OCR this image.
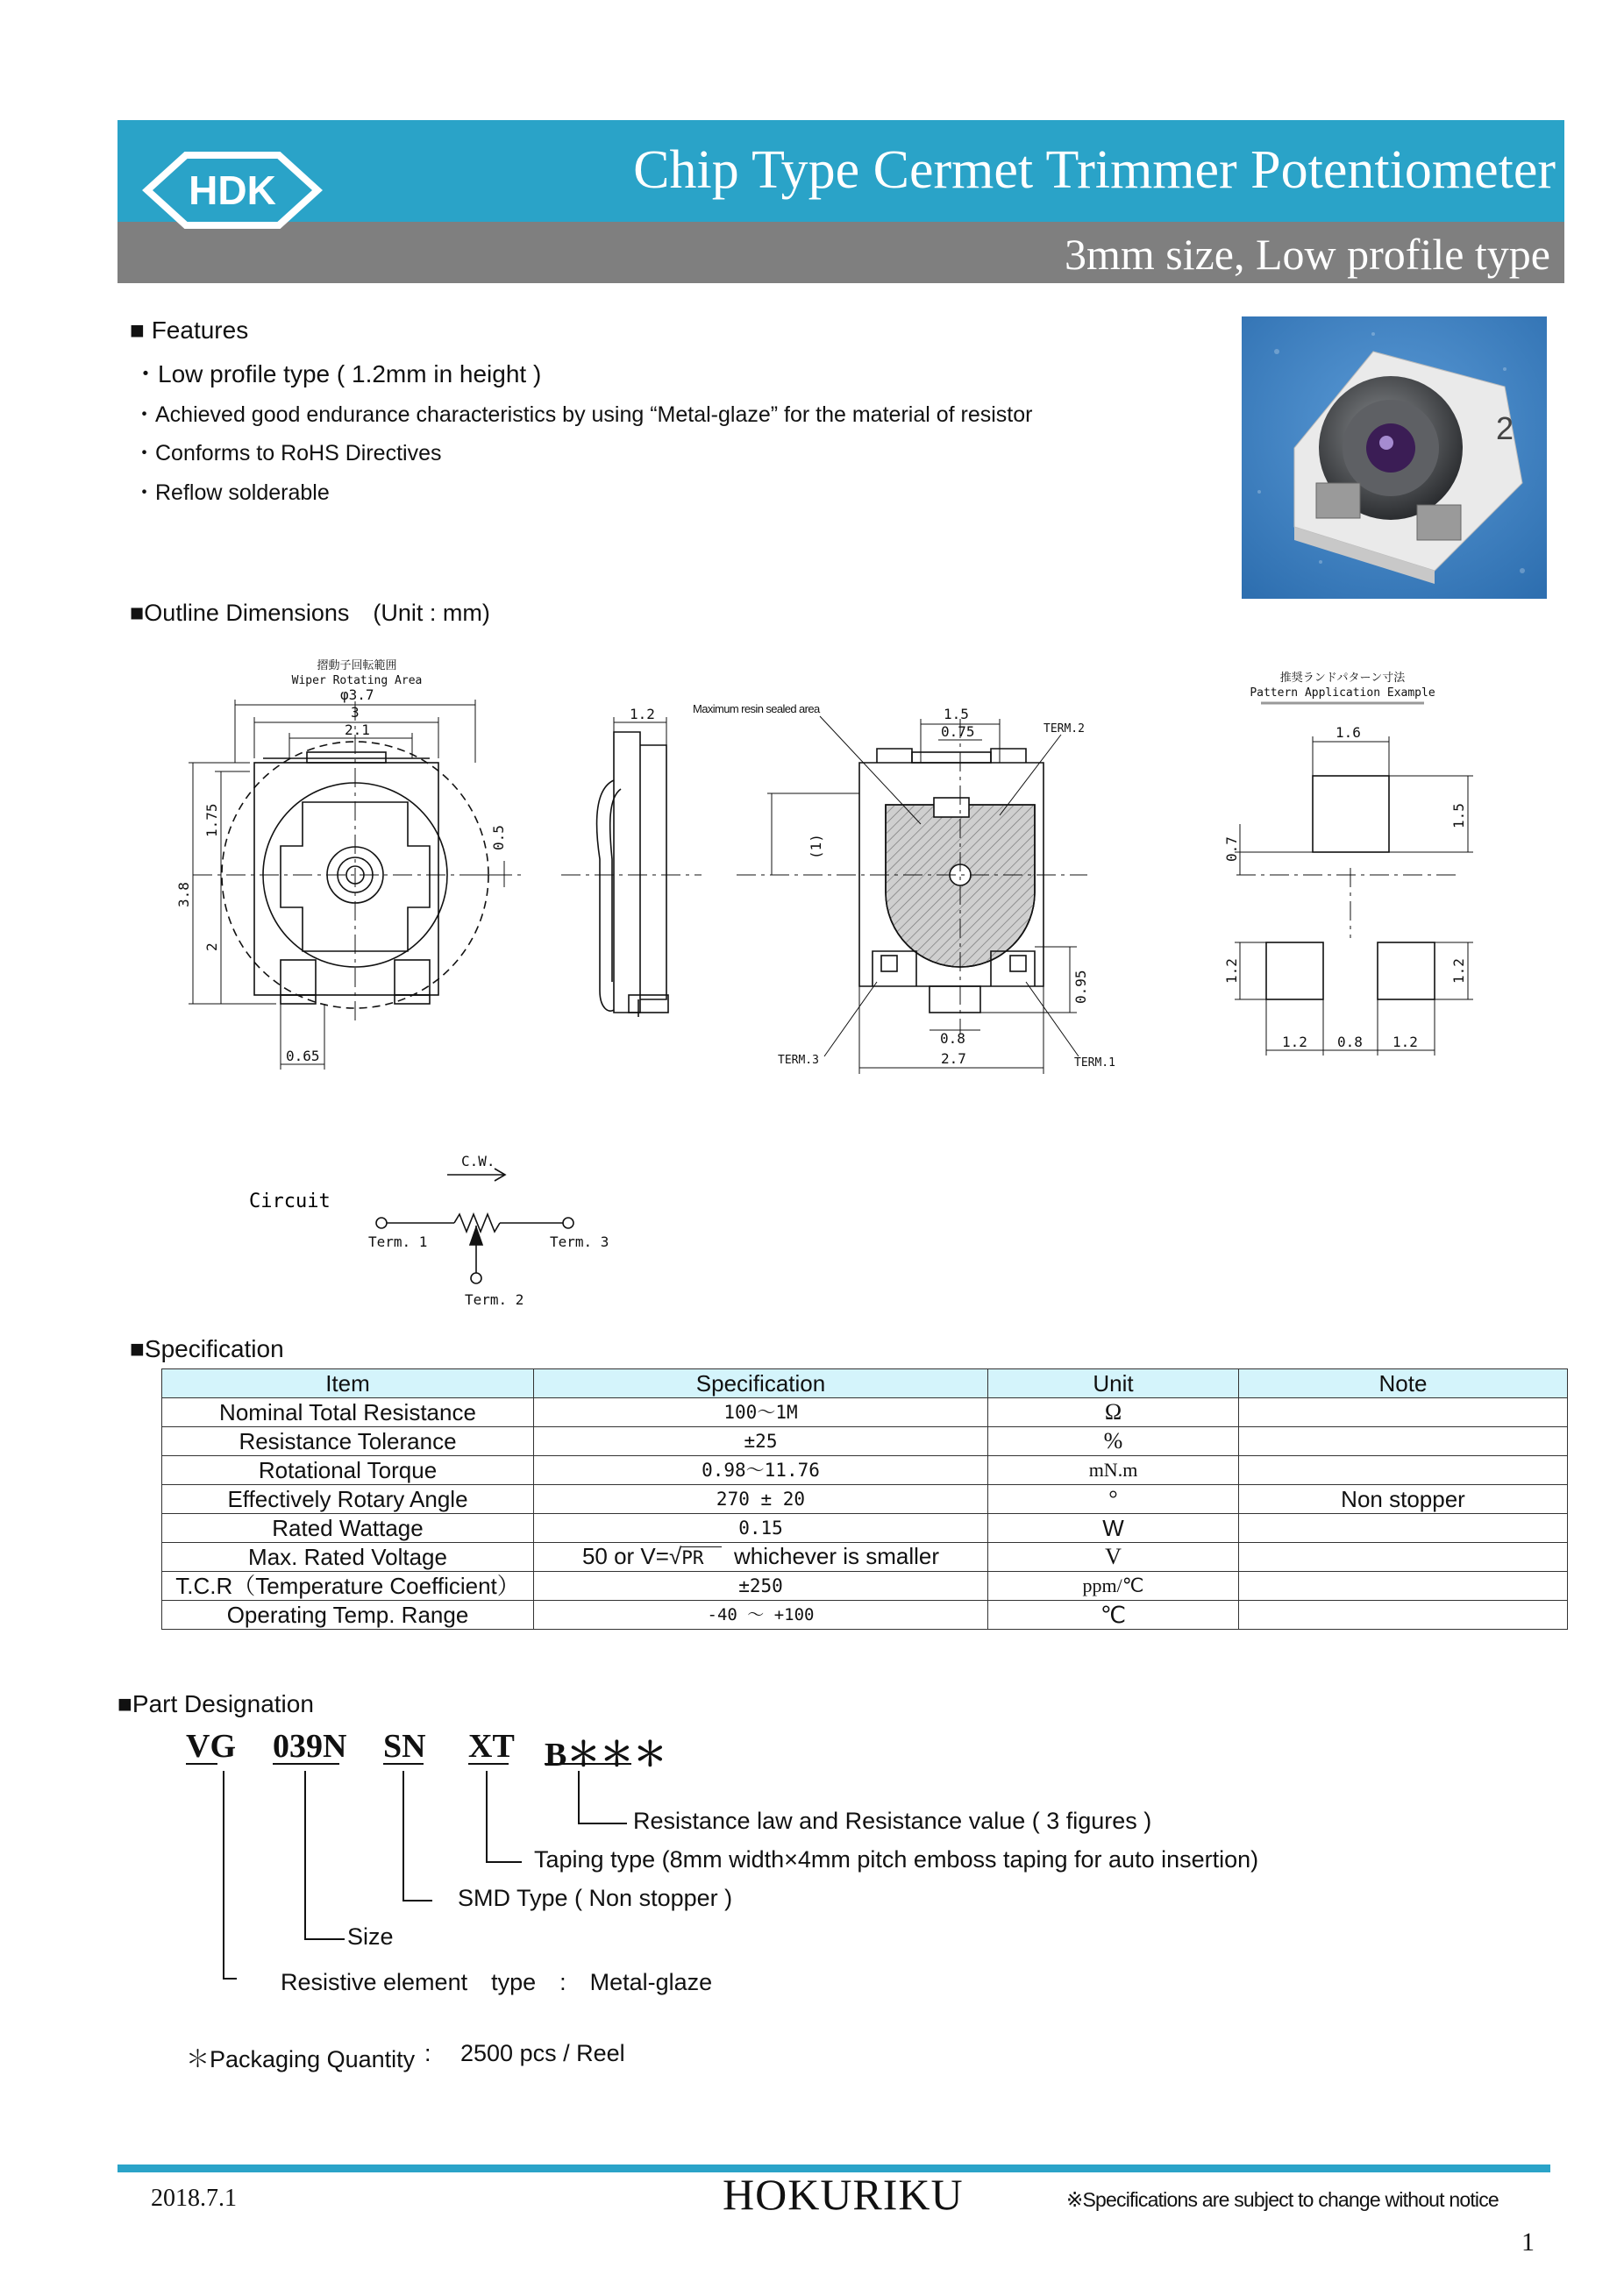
HDK	Chip Type Cermet Trimmer Potentiometer
3mm size, Low profile type
■ Features
・Low profile type ( 1.2mm in height )
・Achieved good endurance characteristics by using “Metal-glaze” for the material of resistor
・Conforms to RoHS Directives
・Reflow solderable
2
■Outline Dimensions　(Unit : mm)
摺動子回転範囲
Wiper Rotating Area
φ3.7
3
2.1
1.75
3.8
2
0.5
0.65
1.2	Maximum resin sealed area	1.5
0.75	TERM.2
(1)
0.95
0.8
2.7
TERM.3	TERM.1
推奨ランドパターン寸法
Pattern Application Example
1.6
1.5
0.7
1.2	1.2
1.2 0.8 1.2
Circuit
C.W.
Term. 1	Term. 3
Term. 2
■Specification
Item	Specification	Unit	Note
Nominal Total Resistance	100～1M	Ω	
Resistance Tolerance	±25	%	
Rotational Torque	0.98～11.76	mN.m	
Effectively Rotary Angle	270 ± 20	°	Non stopper
Rated Wattage	0.15	W	
Max. Rated Voltage	50 or V=√PR whichever is smaller	V	
T.C.R（Temperature Coefficient）	±250	ppm/℃	
Operating Temp. Range	-40 ～ +100	℃	
■Part Designation
VG 039N SN XT B＊＊＊
Resistance law and Resistance value ( 3 figures )
Taping type (8mm width×4mm pitch emboss taping for auto insertion)
SMD Type ( Non stopper )
Size
Resistive element　type　:　Metal-glaze
＊Packaging Quantity : 2500 pcs / Reel
2018.7.1	HOKURIKU	※Specifications are subject to change without notice
1
